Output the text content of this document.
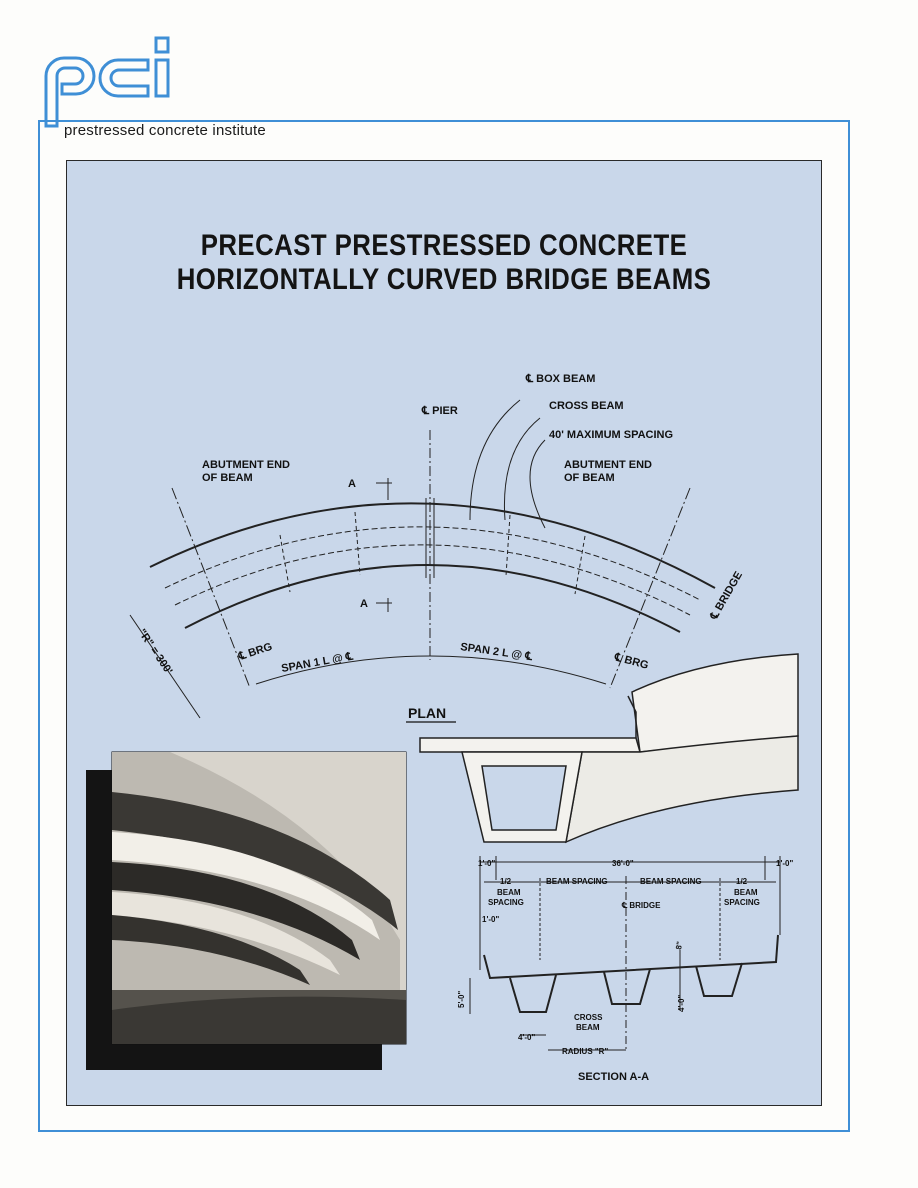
prestressed concrete institute
PRECAST PRESTRESSED CONCRETE
HORIZONTALLY CURVED BRIDGE BEAMS
℄ BOX BEAM
℄ PIER	CROSS BEAM
40' MAXIMUM SPACING
ABUTMENT END
OF BEAM
ABUTMENT END
OF BEAM
A
A	℄ BRIDGE
℄ BRG	℄ BRG
SPAN 1 L @ ℄	SPAN 2 L @ ℄
"R" = 300'
PLAN
1'-0"	36'-0"	1'-0"
1/2
BEAM
SPACING
BEAM SPACING	BEAM SPACING	1/2
BEAM
SPACING
℄ BRIDGE
1'-0"
8"
5'-0"	4'-0"
4'-0"
CROSS
BEAM
RADIUS "R"
SECTION A-A
